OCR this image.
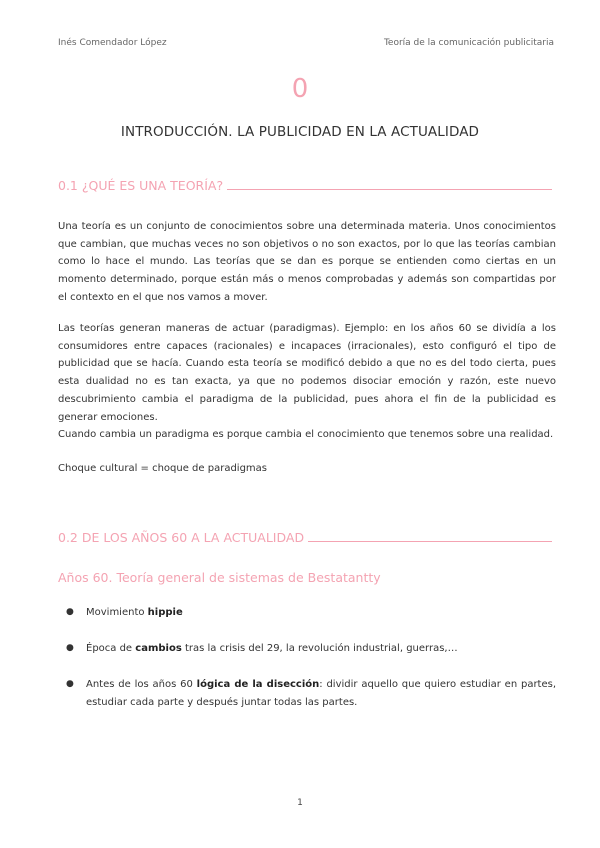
Inés Comendador López	Teoría de la comunicación publicitaria
0
INTRODUCCIÓN. LA PUBLICIDAD EN LA ACTUALIDAD
0.1 ¿QUÉ ES UNA TEORÍA?
Una teoría es un conjunto de conocimientos sobre una determinada materia. Unos conocimientos que cambian, que muchas veces no son objetivos o no son exactos, por lo que las teorías cambian como lo hace el mundo. Las teorías que se dan es porque se entienden como ciertas en un momento determinado, porque están más o menos comprobadas y además son compartidas por el contexto en el que nos vamos a mover.
Las teorías generan maneras de actuar (paradigmas). Ejemplo: en los años 60 se dividía a los consumidores entre capaces (racionales) e incapaces (irracionales), esto configuró el tipo de publicidad que se hacía. Cuando esta teoría se modificó debido a que no es del todo cierta, pues esta dualidad no es tan exacta, ya que no podemos disociar emoción y razón, este nuevo descubrimiento cambia el paradigma de la publicidad, pues ahora el fin de la publicidad es generar emociones.
Cuando cambia un paradigma es porque cambia el conocimiento que tenemos sobre una realidad.
Choque cultural = choque de paradigmas
0.2 DE LOS AÑOS 60 A LA ACTUALIDAD
Años 60. Teoría general de sistemas de Bestatantty
● Movimiento hippie
● Época de cambios tras la crisis del 29, la revolución industrial, guerras,…
● Antes de los años 60 lógica de la disección: dividir aquello que quiero estudiar en partes, estudiar cada parte y después juntar todas las partes.
1
